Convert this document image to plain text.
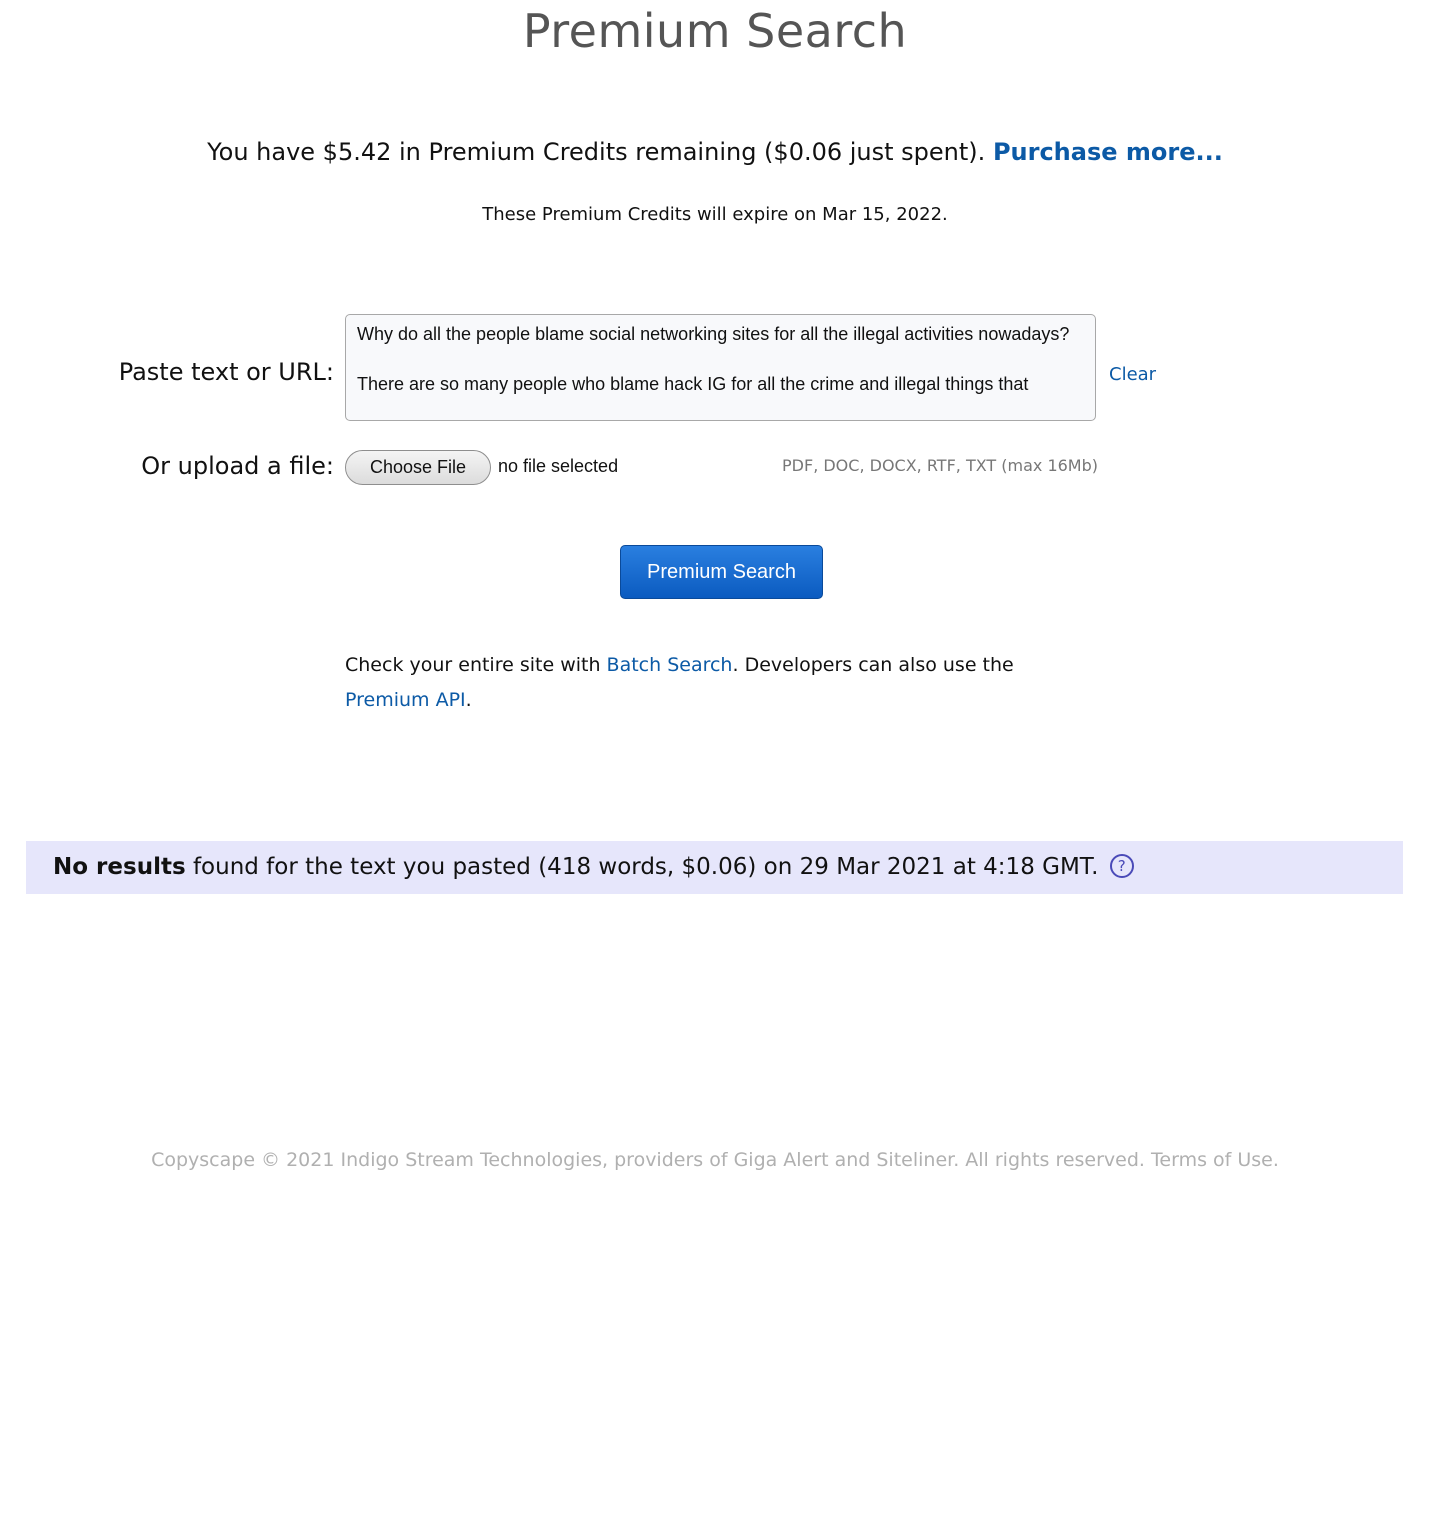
Premium Search
You have $5.42 in Premium Credits remaining ($0.06 just spent). Purchase more...
These Premium Credits will expire on Mar 15, 2022.
Paste text or URL:
Why do all the people blame social networking sites for all the illegal activities nowadays? There are so many people who blame hack IG for all the crime and illegal things that	Clear
Or upload a file:	Choose File	no file selected	PDF, DOC, DOCX, RTF, TXT (max 16Mb)
Premium Search
Check your entire site with Batch Search. Developers can also use the Premium API.
No results found for the text you pasted (418 words, $0.06) on 29 Mar 2021 at 4:18 GMT. ?
Copyscape © 2021 Indigo Stream Technologies, providers of Giga Alert and Siteliner. All rights reserved. Terms of Use.
